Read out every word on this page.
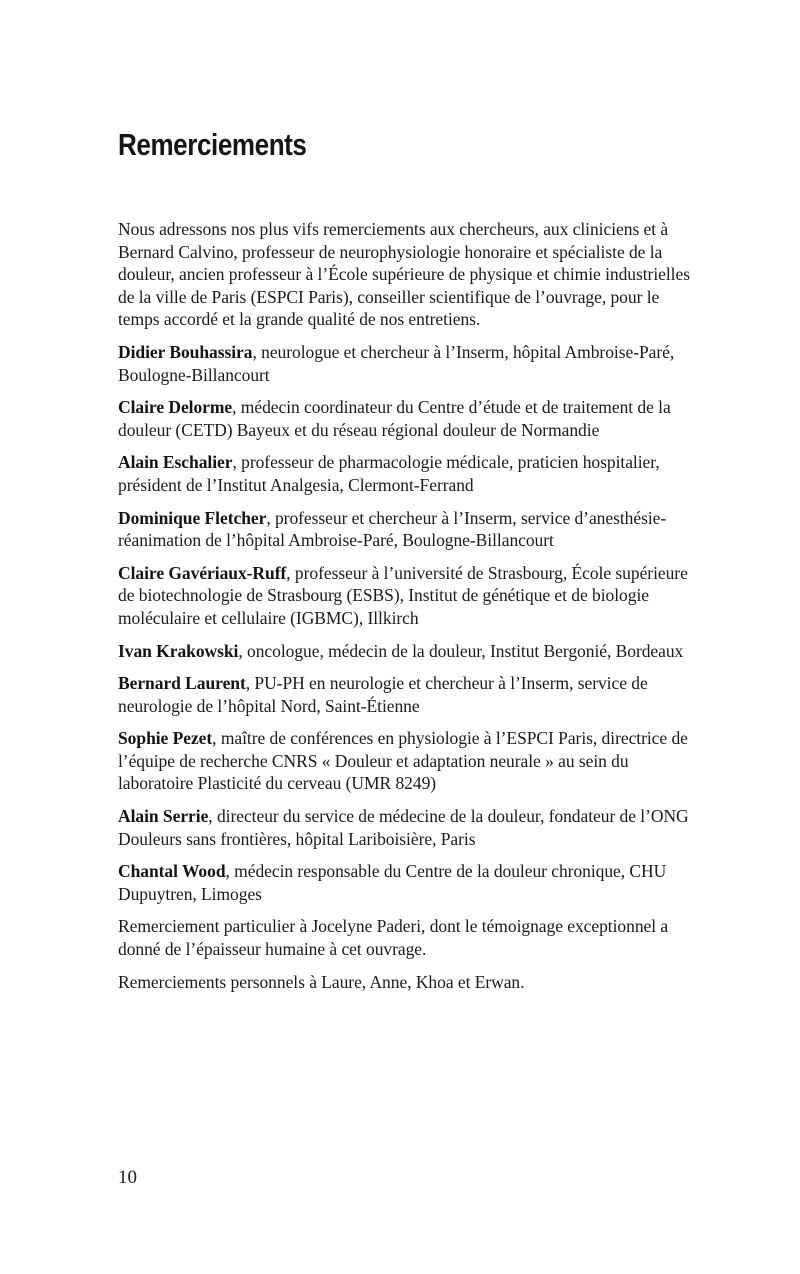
Remerciements

Nous adressons nos plus vifs remerciements aux chercheurs, aux cliniciens et à Bernard Calvino, professeur de neurophysiologie honoraire et spécialiste de la douleur, ancien professeur à l’École supérieure de physique et chimie industrielles de la ville de Paris (ESPCI Paris), conseiller scientifique de l’ouvrage, pour le temps accordé et la grande qualité de nos entretiens.

Didier Bouhassira, neurologue et chercheur à l’Inserm, hôpital Ambroise-Paré, Boulogne-Billancourt

Claire Delorme, médecin coordinateur du Centre d’étude et de traitement de la douleur (CETD) Bayeux et du réseau régional douleur de Normandie

Alain Eschalier, professeur de pharmacologie médicale, praticien hospitalier, président de l’Institut Analgesia, Clermont-Ferrand

Dominique Fletcher, professeur et chercheur à l’Inserm, service d’anesthésie-réanimation de l’hôpital Ambroise-Paré, Boulogne-Billancourt

Claire Gavériaux-Ruff, professeur à l’université de Strasbourg, École supérieure de biotechnologie de Strasbourg (ESBS), Institut de génétique et de biologie moléculaire et cellulaire (IGBMC), Illkirch

Ivan Krakowski, oncologue, médecin de la douleur, Institut Bergonié, Bordeaux

Bernard Laurent, PU-PH en neurologie et chercheur à l’Inserm, service de neurologie de l’hôpital Nord, Saint-Étienne

Sophie Pezet, maître de conférences en physiologie à l’ESPCI Paris, directrice de l’équipe de recherche CNRS « Douleur et adaptation neurale » au sein du laboratoire Plasticité du cerveau (UMR 8249)

Alain Serrie, directeur du service de médecine de la douleur, fondateur de l’ONG Douleurs sans frontières, hôpital Lariboisière, Paris

Chantal Wood, médecin responsable du Centre de la douleur chronique, CHU Dupuytren, Limoges

Remerciement particulier à Jocelyne Paderi, dont le témoignage exceptionnel a donné de l’épaisseur humaine à cet ouvrage.

Remerciements personnels à Laure, Anne, Khoa et Erwan.

10
